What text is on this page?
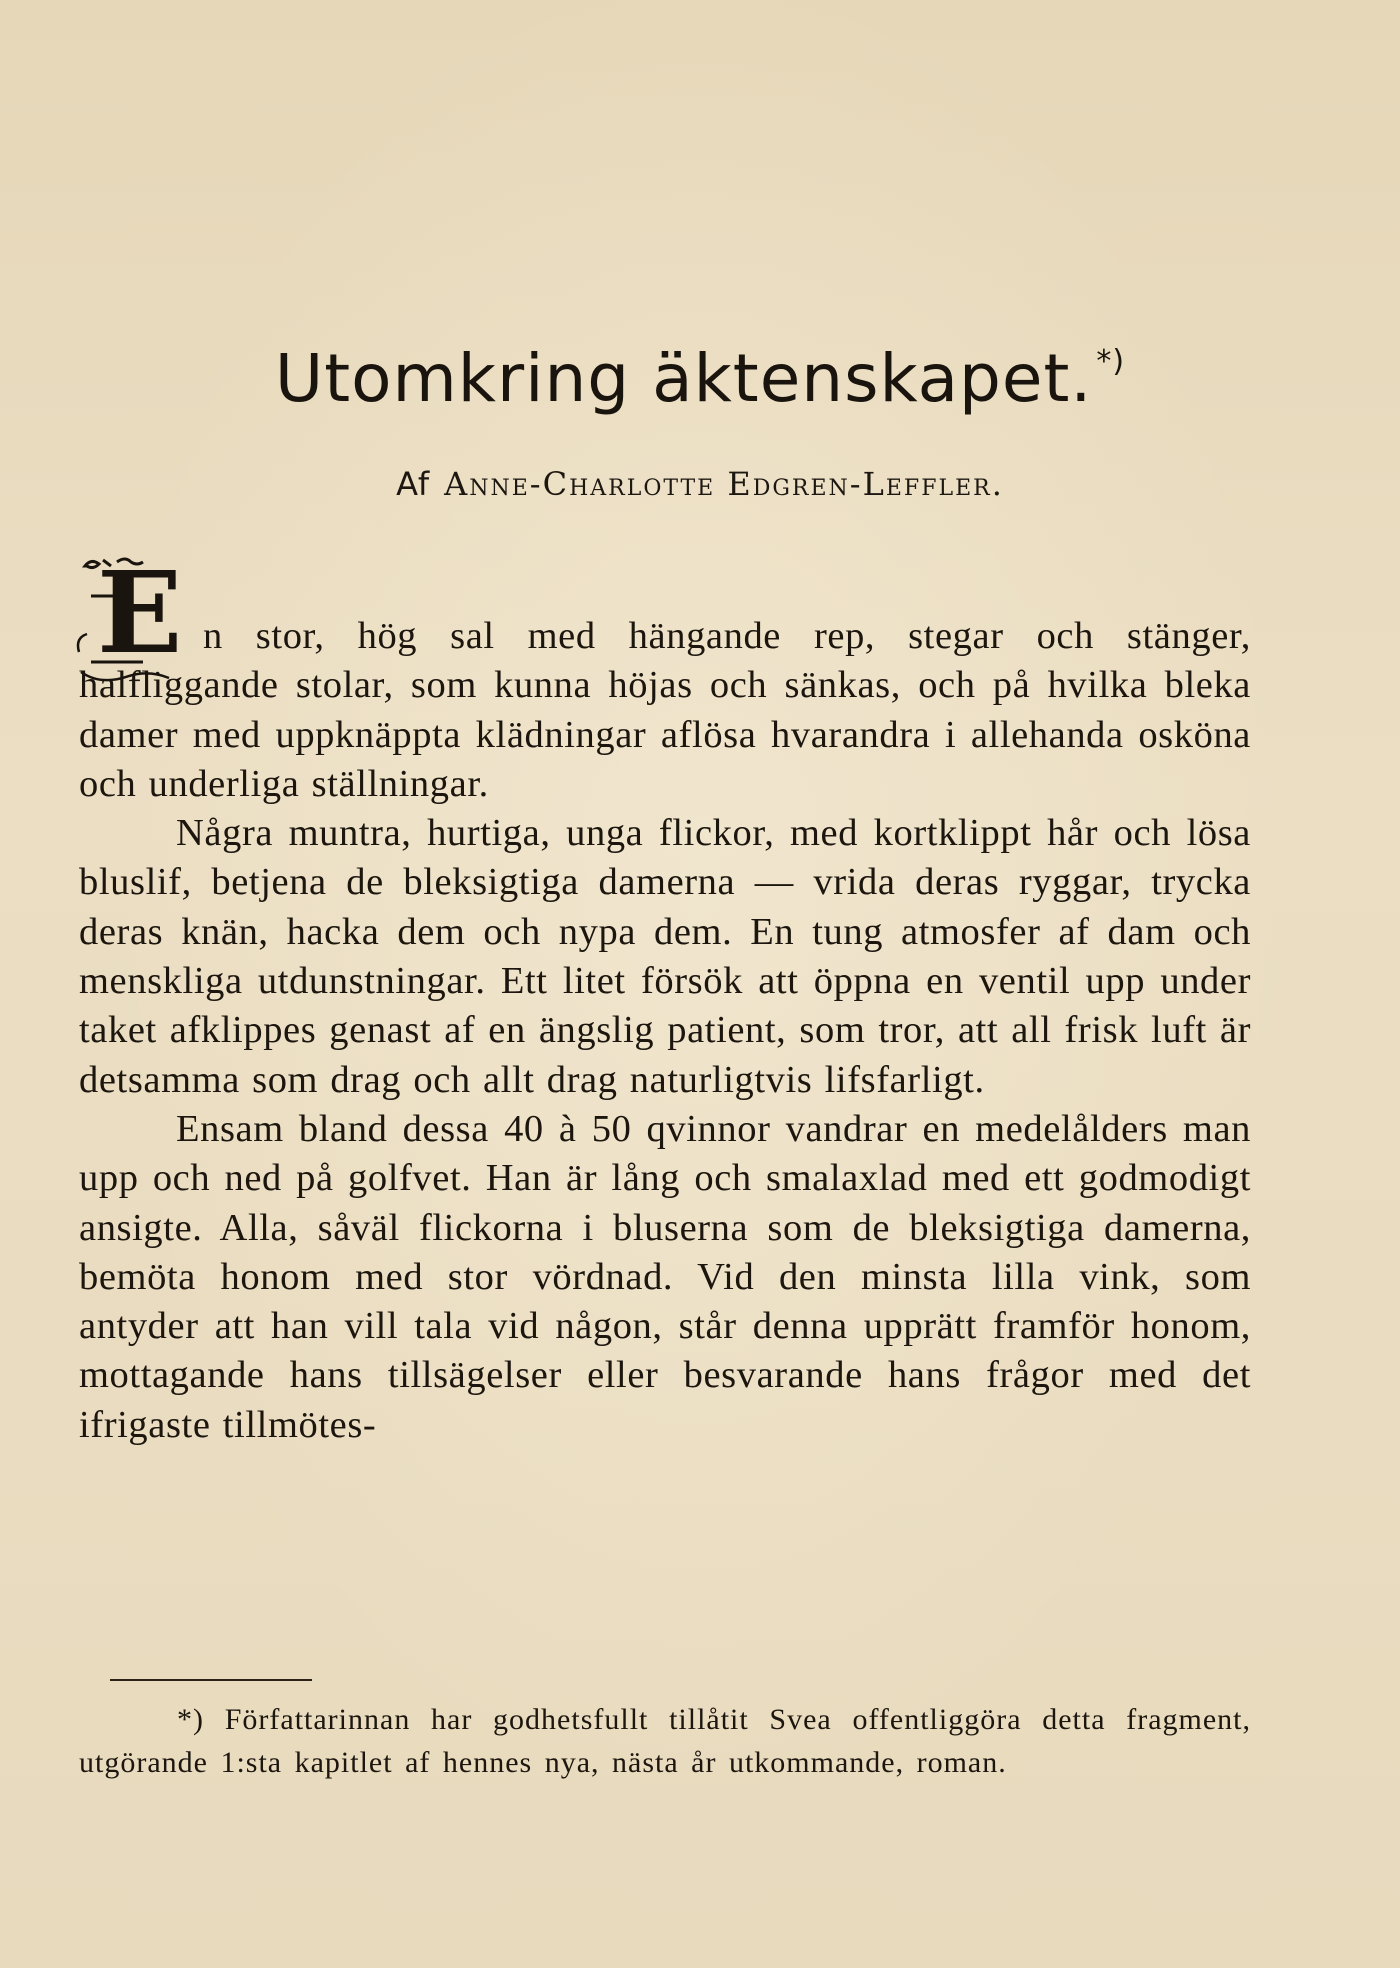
Utomkring äktenskapet. *)
Af Anne-Charlotte Edgren-Leffler.

E n stor, hög sal med hängande rep, stegar och stänger, halfliggande stolar, som kunna höjas och sänkas, och på hvilka bleka damer med uppknäppta klädningar aflösa hvarandra i allehanda osköna och underliga ställningar.

Några muntra, hurtiga, unga flickor, med kortklippt hår och lösa bluslif, betjena de bleksigtiga damerna — vrida deras ryggar, trycka deras knän, hacka dem och nypa dem. En tung atmosfer af dam och menskliga utdunstningar. Ett litet försök att öppna en ventil upp under taket afklippes genast af en ängslig patient, som tror, att all frisk luft är detsamma som drag och allt drag naturligtvis lifsfarligt.

Ensam bland dessa 40 à 50 qvinnor vandrar en medelålders man upp och ned på golfvet. Han är lång och smalaxlad med ett godmodigt ansigte. Alla, såväl flickorna i bluserna som de bleksigtiga damerna, bemöta honom med stor vördnad. Vid den minsta lilla vink, som antyder att han vill tala vid någon, står denna upprätt framför honom, mottagande hans tillsägelser eller besvarande hans frågor med det ifrigaste tillmötes-

*) Författarinnan har godhetsfullt tillåtit Svea offentliggöra detta fragment, utgörande 1:sta kapitlet af hennes nya, nästa år utkommande, roman.
